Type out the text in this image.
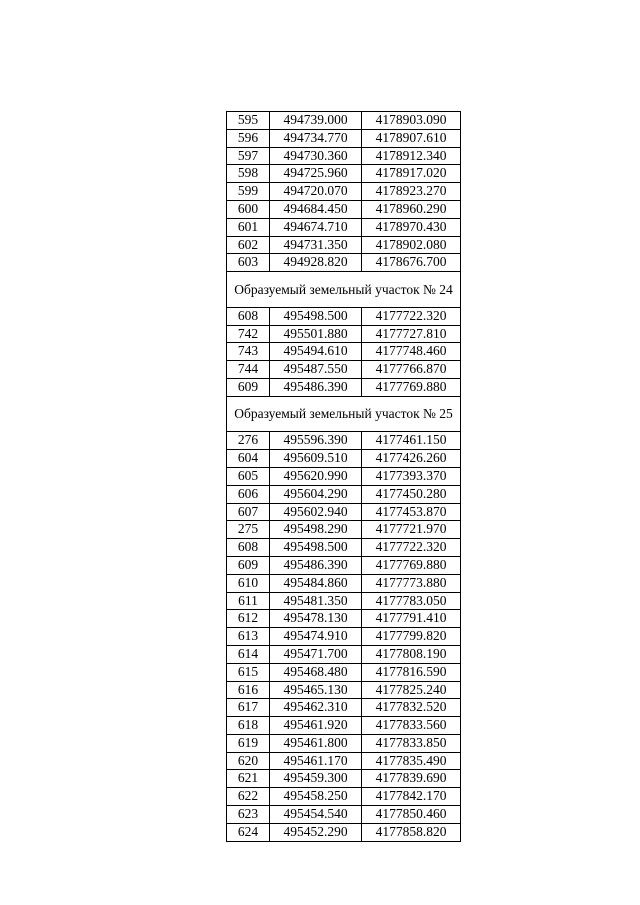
595	494739.000	4178903.090
596	494734.770	4178907.610
597	494730.360	4178912.340
598	494725.960	4178917.020
599	494720.070	4178923.270
600	494684.450	4178960.290
601	494674.710	4178970.430
602	494731.350	4178902.080
603	494928.820	4178676.700
Образуемый земельный участок № 24		
608	495498.500	4177722.320
742	495501.880	4177727.810
743	495494.610	4177748.460
744	495487.550	4177766.870
609	495486.390	4177769.880
Образуемый земельный участок № 25		
276	495596.390	4177461.150
604	495609.510	4177426.260
605	495620.990	4177393.370
606	495604.290	4177450.280
607	495602.940	4177453.870
275	495498.290	4177721.970
608	495498.500	4177722.320
609	495486.390	4177769.880
610	495484.860	4177773.880
611	495481.350	4177783.050
612	495478.130	4177791.410
613	495474.910	4177799.820
614	495471.700	4177808.190
615	495468.480	4177816.590
616	495465.130	4177825.240
617	495462.310	4177832.520
618	495461.920	4177833.560
619	495461.800	4177833.850
620	495461.170	4177835.490
621	495459.300	4177839.690
622	495458.250	4177842.170
623	495454.540	4177850.460
624	495452.290	4177858.820
